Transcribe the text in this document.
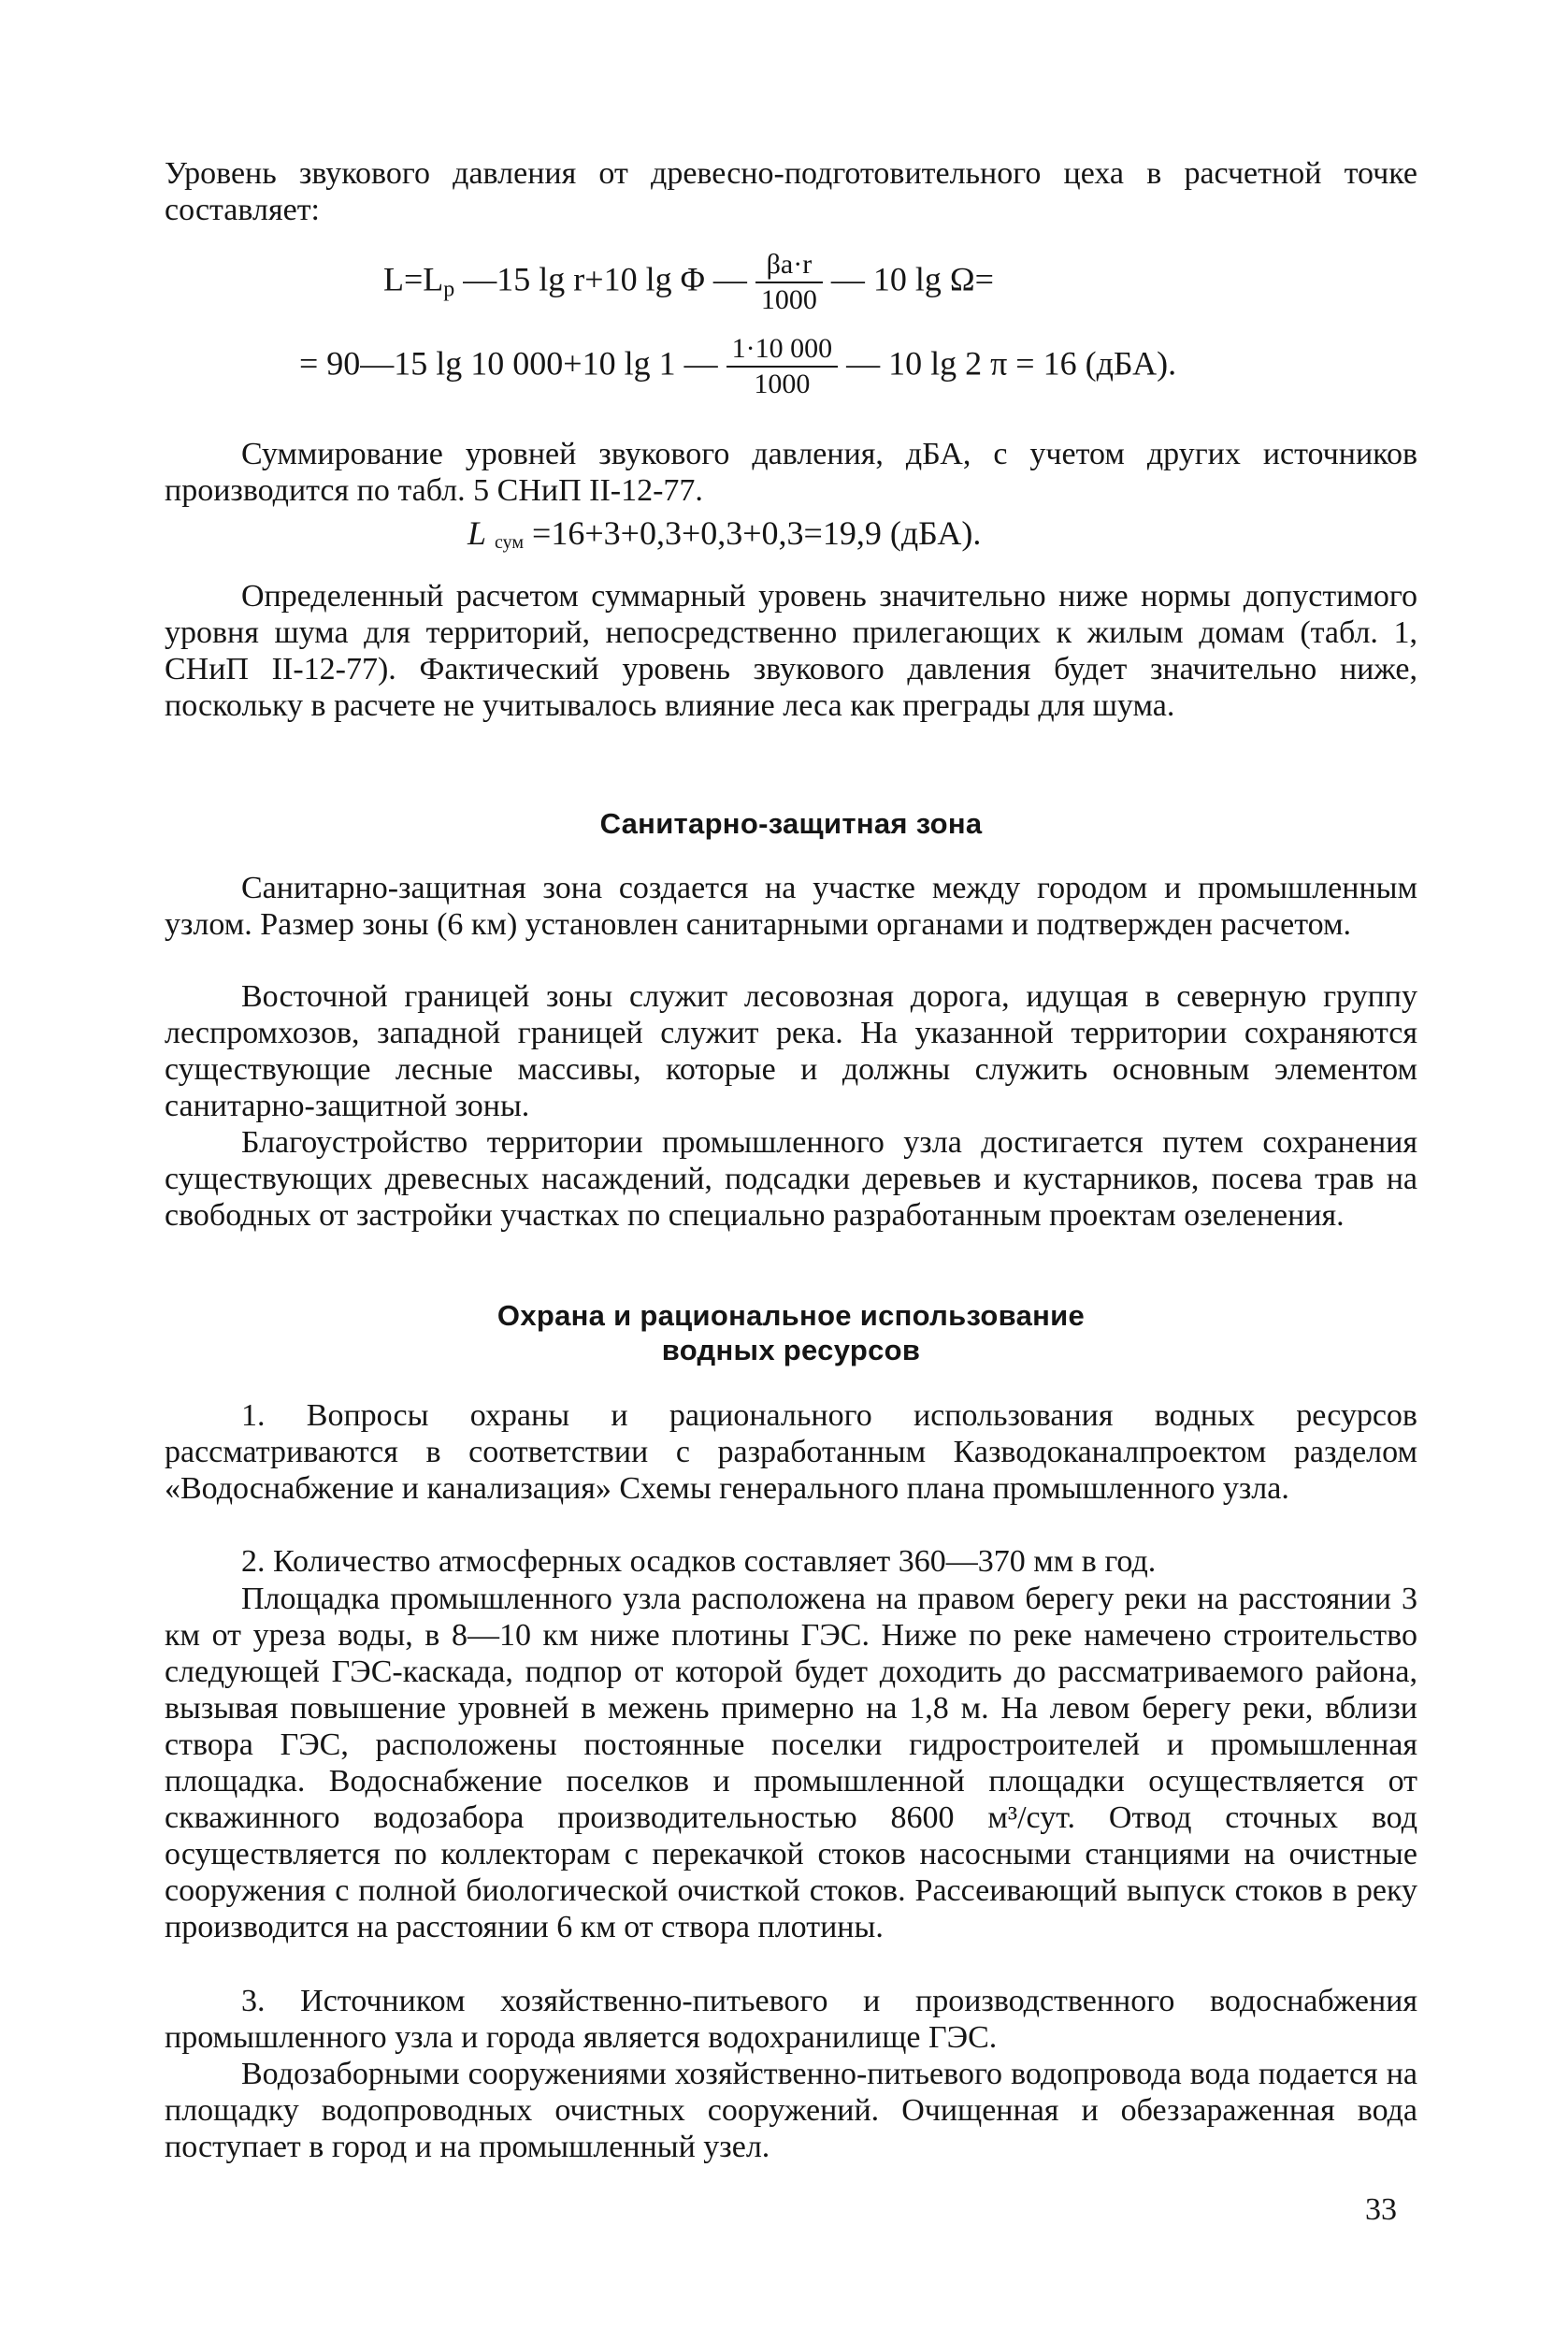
Уровень звукового давления от древесно-подготовительного цеха в расчетной точке составляет:

$L=L_p$ —15 lg r+10 lg Φ — $\frac{\beta a\cdot r}{1000}$ — 10 lg Ω=
= 90—15 lg 10 000+10 lg 1 — $\frac{1\cdot 10 000}{1000}$ — 10 lg 2 π = 16 (дБА).

Суммирование уровней звукового давления, дБА, с учетом других источников производится по табл. 5 СНиП II-12-77.

L сум =16+3+0,3+0,3+0,3=19,9 (дБА).

Определенный расчетом суммарный уровень значительно ниже нормы допустимого уровня шума для территорий, непосредственно прилегающих к жилым домам (табл. 1, СНиП II-12-77). Фактический уровень звукового давления будет значительно ниже, поскольку в расчете не учитывалось влияние леса как преграды для шума.

Санитарно-защитная зона

Санитарно-защитная зона создается на участке между городом и промышленным узлом. Размер зоны (6 км) установлен санитарными органами и подтвержден расчетом.

Восточной границей зоны служит лесовозная дорога, идущая в северную группу леспромхозов, западной границей служит река. На указанной территории сохраняются существующие лесные массивы, которые и должны служить основным элементом санитарно-защитной зоны.

Благоустройство территории промышленного узла достигается путем сохранения существующих древесных насаждений, подсадки деревьев и кустарников, посева трав на свободных от застройки участках по специально разработанным проектам озеленения.

Охрана и рациональное использование
водных ресурсов

1. Вопросы охраны и рационального использования водных ресурсов рассматриваются в соответствии с разработанным Казводоканалпроектом разделом «Водоснабжение и канализация» Схемы генерального плана промышленного узла.

2. Количество атмосферных осадков составляет 360—370 мм в год.

Площадка промышленного узла расположена на правом берегу реки на расстоянии 3 км от уреза воды, в 8—10 км ниже плотины ГЭС. Ниже по реке намечено строительство следующей ГЭС-каскада, подпор от которой будет доходить до рассматриваемого района, вызывая повышение уровней в межень примерно на 1,8 м. На левом берегу реки, вблизи створа ГЭС, расположены постоянные поселки гидростроителей и промышленная площадка. Водоснабжение поселков и промышленной площадки осуществляется от скважинного водозабора производительностью 8600 м³/сут. Отвод сточных вод осуществляется по коллекторам с перекачкой стоков насосными станциями на очистные сооружения с полной биологической очисткой стоков. Рассеивающий выпуск стоков в реку производится на расстоянии 6 км от створа плотины.

3. Источником хозяйственно-питьевого и производственного водоснабжения промышленного узла и города является водохранилище ГЭС.

Водозаборными сооружениями хозяйственно-питьевого водопровода вода подается на площадку водопроводных очистных сооружений. Очищенная и обеззараженная вода поступает в город и на промышленный узел.

33
